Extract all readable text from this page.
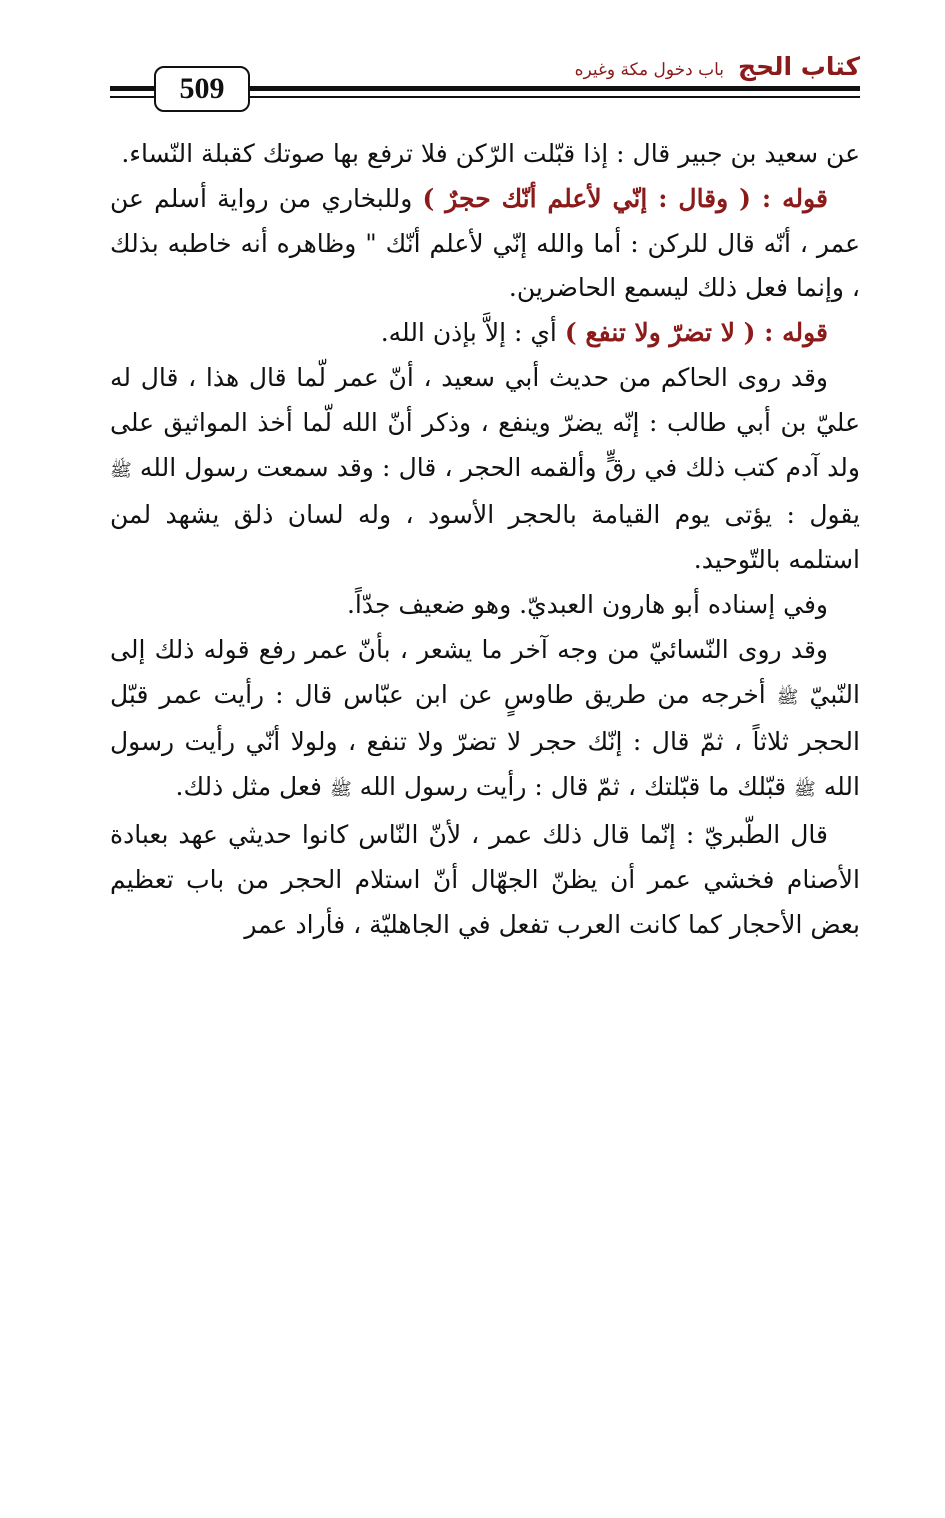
509
كتاب الحج
باب دخول مكة وغيره

عن سعيد بن جبير قال : إذا قبّلت الرّكن فلا ترفع بها صوتك كقبلة النّساء.

قوله : ( وقال : إنّي لأعلم أنّك حجرٌ ) وللبخاري من رواية أسلم عن عمر ، أنّه قال للركن : أما والله إنّي لأعلم أنّك " وظاهره أنه خاطبه بذلك ، وإنما فعل ذلك ليسمع الحاضرين.

قوله : ( لا تضرّ ولا تنفع ) أي : إلاَّ بإذن الله.

وقد روى الحاكم من حديث أبي سعيد ، أنّ عمر لّما قال هذا ، قال له عليّ بن أبي طالب : إنّه يضرّ وينفع ، وذكر أنّ الله لّما أخذ المواثيق على ولد آدم كتب ذلك في رقٍّ وألقمه الحجر ، قال : وقد سمعت رسول الله ﷺ يقول : يؤتى يوم القيامة بالحجر الأسود ، وله لسان ذلق يشهد لمن استلمه بالتّوحيد.

وفي إسناده أبو هارون العبديّ. وهو ضعيف جدّاً.

وقد روى النّسائيّ من وجه آخر ما يشعر ، بأنّ عمر رفع قوله ذلك إلى النّبيّ ﷺ أخرجه من طريق طاوسٍ عن ابن عبّاس قال : رأيت عمر قبّل الحجر ثلاثاً ، ثمّ قال : إنّك حجر لا تضرّ ولا تنفع ، ولولا أنّي رأيت رسول الله ﷺ قبّلك ما قبّلتك ، ثمّ قال : رأيت رسول الله ﷺ فعل مثل ذلك.

قال الطّبريّ : إنّما قال ذلك عمر ، لأنّ النّاس كانوا حديثي عهد بعبادة الأصنام فخشي عمر أن يظنّ الجهّال أنّ استلام الحجر من باب تعظيم بعض الأحجار كما كانت العرب تفعل في الجاهليّة ، فأراد عمر
